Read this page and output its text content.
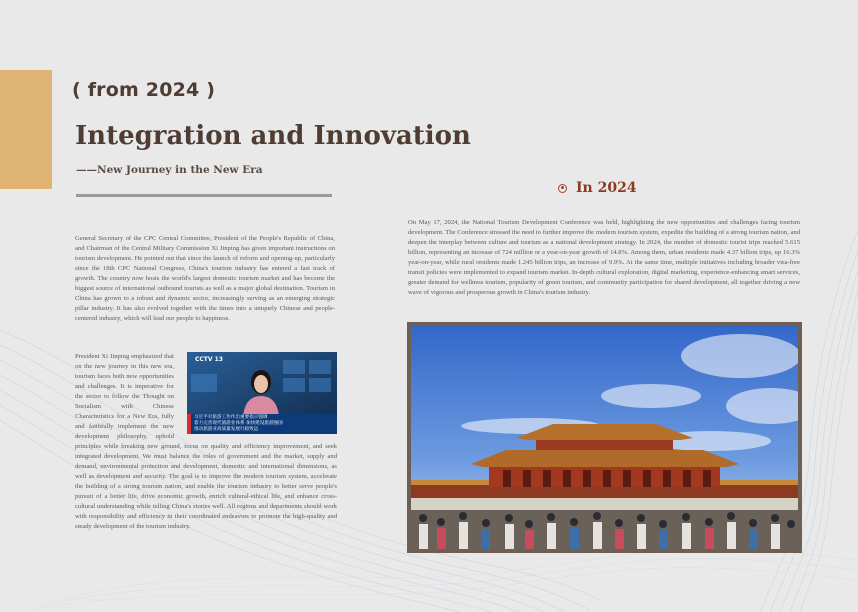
( from 2024 )
Integration and Innovation
——New Journey in the New Era
In 2024

General Secretary of the CPC Central Committee, President of the People's Republic of China, and Chairman of the Central Military Commission Xi Jinping has given important instructions on tourism development. He pointed out that since the launch of reform and opening-up, particularly since the 18th CPC National Congress, China's tourism industry has entered a fast track of growth. The country now hosts the world's largest domestic tourism market and has become the biggest source of international outbound tourists as well as a major global destination. Tourism in China has grown to a robust and dynamic sector, increasingly serving as an emerging strategic pillar industry. It has also evolved together with the times into a uniquely Chinese and people-centered industry, which will lead our people to happiness.

On May 17, 2024, the National Tourism Development Conference was held, highlighting the new opportunities and challenges facing tourism development. The Conference stressed the need to further improve the modern tourism system, expedite the building of a strong tourism nation, and deepen the interplay between culture and tourism as a national development strategy. In 2024, the number of domestic tourist trips reached 5.615 billion, representing an increase of 724 million or a year-on-year growth of 14.8%. Among them, urban residents made 4.37 billion trips, up 16.3% year-on-year, while rural residents made 1.245 billion trips, an increase of 9.9%. At the same time, multiple initiatives including broader visa-free transit policies were implemented to expand tourism market. In-depth cultural exploration, digital marketing, experience-enhancing smart services, greater demand for wellness tourism, popularity of green tourism, and community participation for shared development, all together driving a new wave of vigorous and prosperous growth in China's tourism industry.

CCTV 13
习近平对旅游工作作出重要指示强调
着力完善现代旅游业体系 加快建设旅游强国
推动旅游业高质量发展行稳致远
President Xi Jinping emphasized that on the new journey in this new era, tourism faces both new opportunities and challenges. It is imperative for the sector to follow the Thought on Socialism with Chinese Characteristics for a New Era, fully and faithfully implement the new development philosophy, uphold principles while breaking new ground, focus on quality and efficiency improvement, and seek integrated development. We must balance the roles of government and the market, supply and demand, environmental protection and development, domestic and international dimensions, as well as development and security. The goal is to improve the modern tourism system, accelerate the building of a strong tourism nation, and enable the tourism industry to better serve people's pursuit of a better life, drive economic growth, enrich cultural-ethical life, and enhance cross-cultural understanding while telling China's stories well. All regions and departments should work with responsibility and efficiency in their coordinated endeavors to promote the high-quality and steady development of the tourism industry.
